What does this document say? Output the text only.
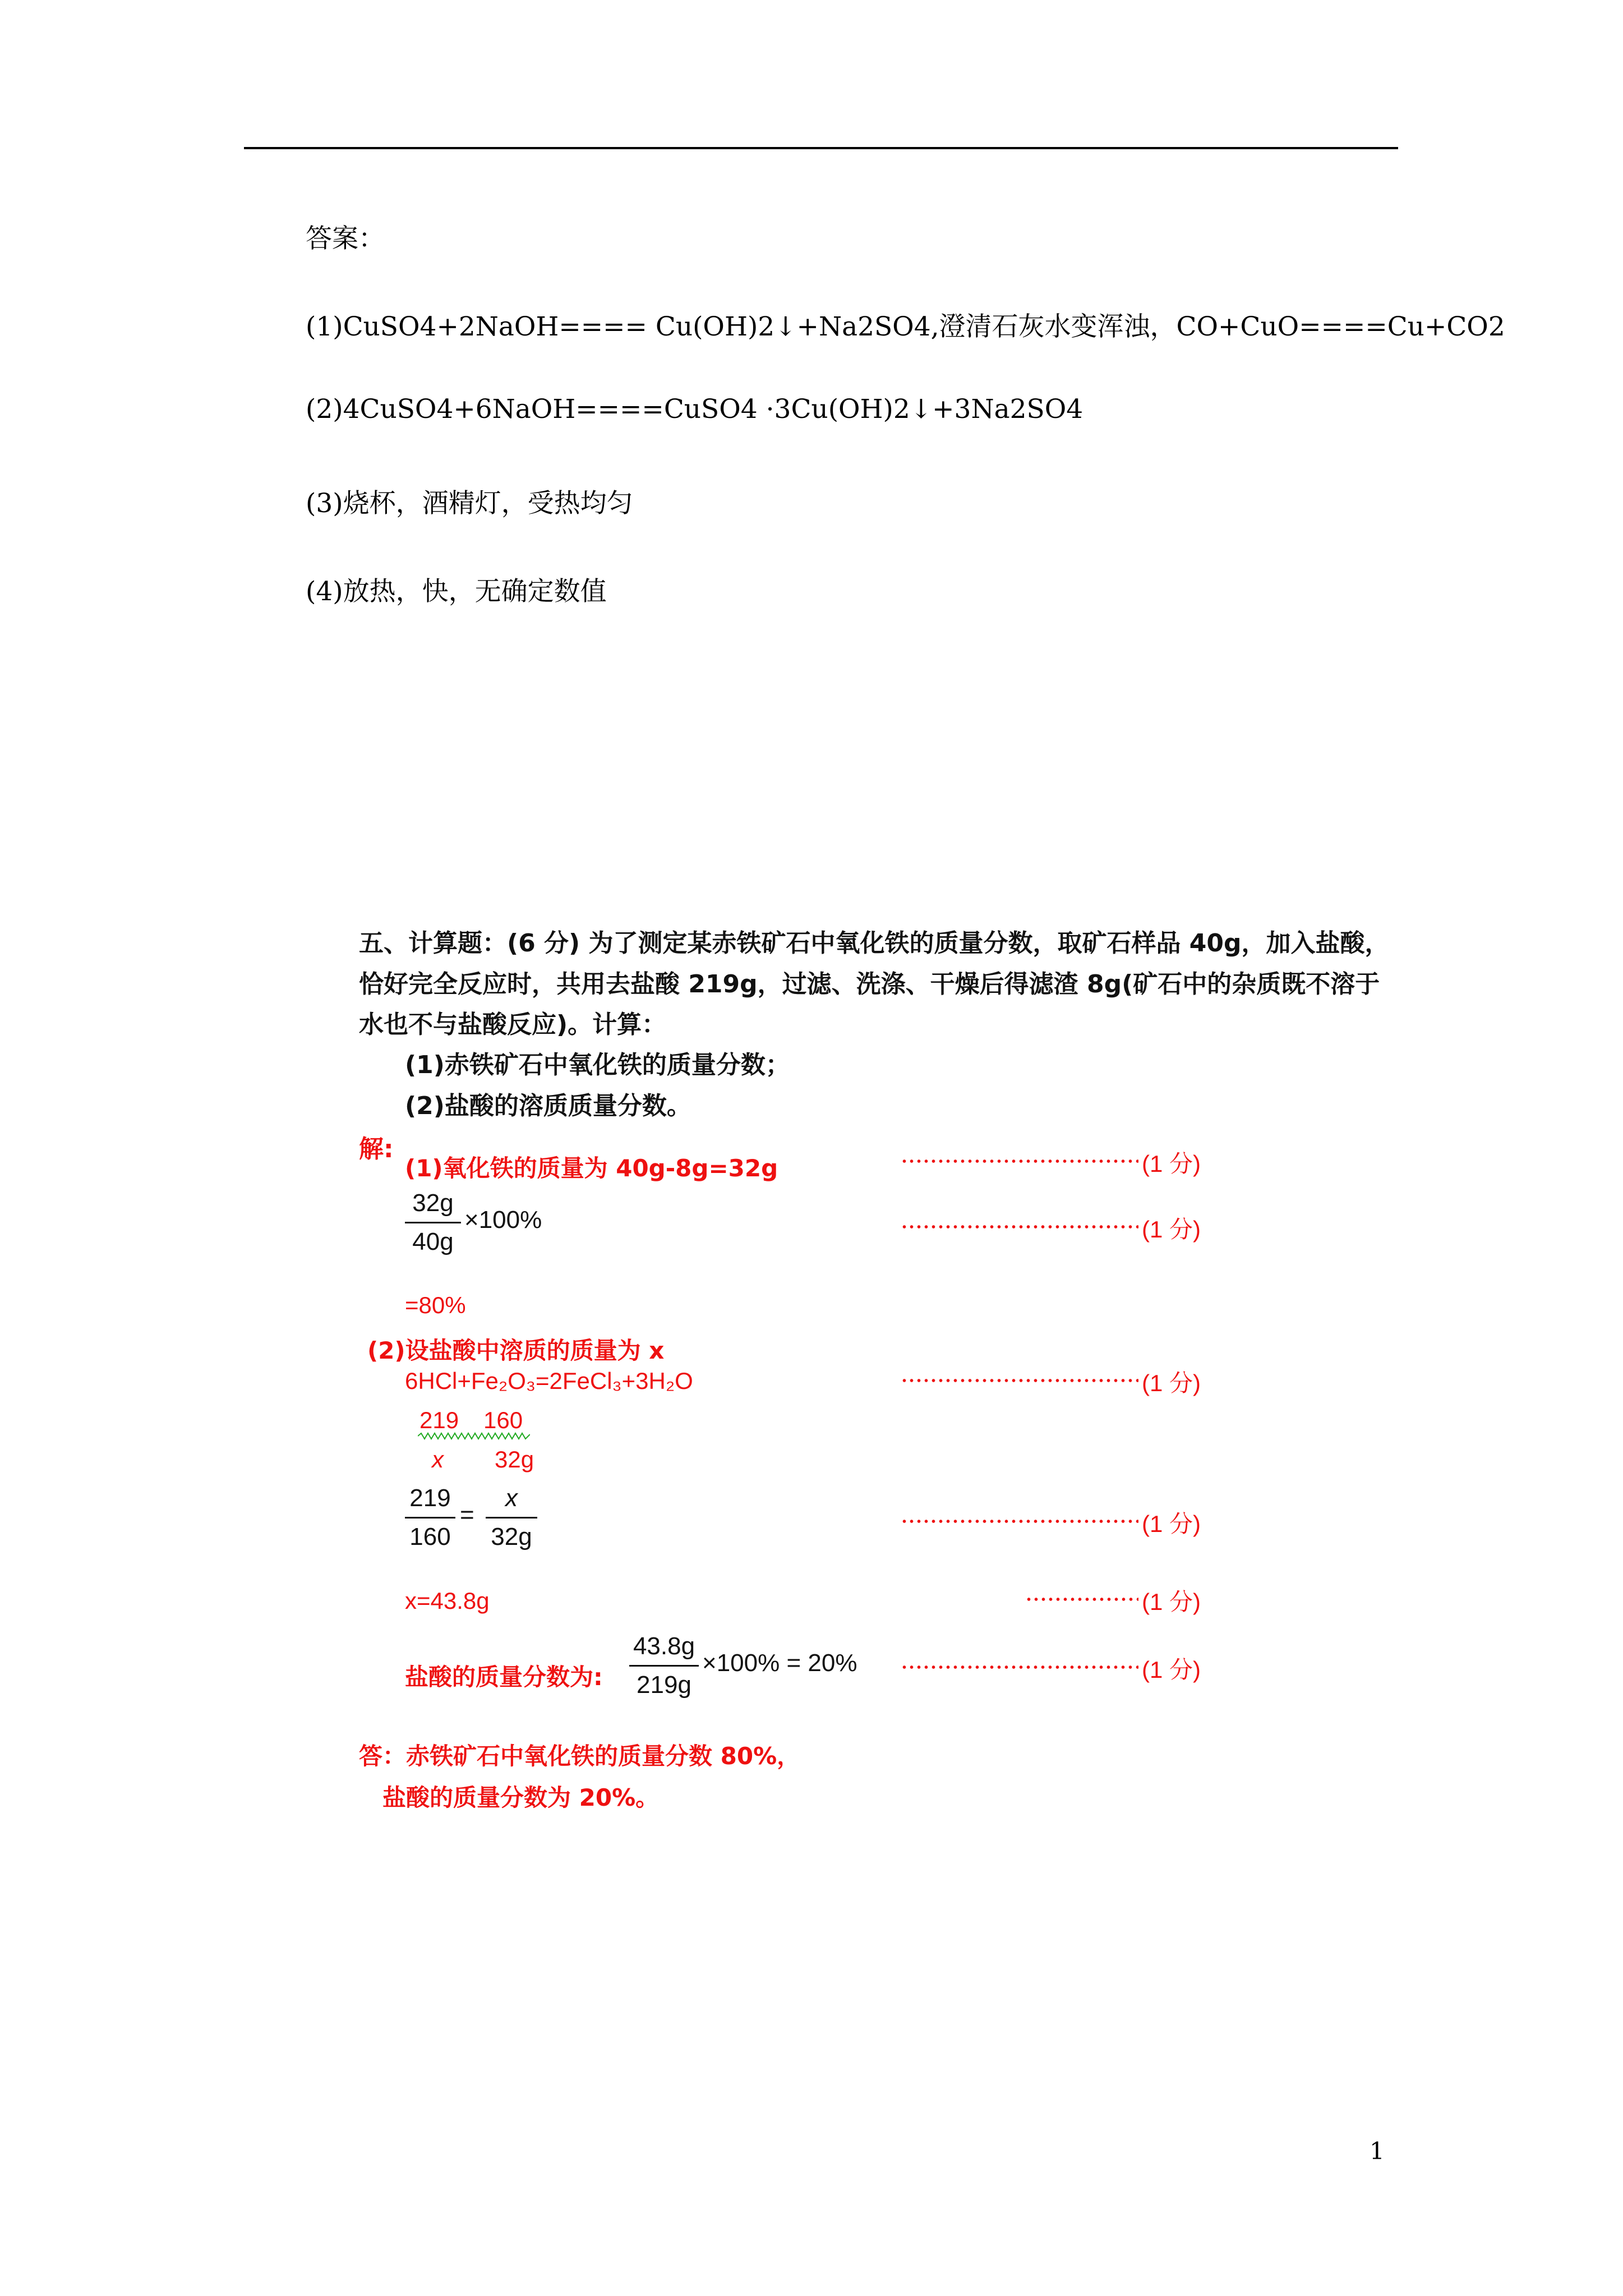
答案：
(1)CuSO4+2NaOH==== Cu(OH)2↓+Na2SO4,澄清石灰水变浑浊，CO+CuO====Cu+CO2
(2)4CuSO4+6NaOH====CuSO4 ·3Cu(OH)2↓+3Na2SO4
(3)烧杯，酒精灯，受热均匀
(4)放热，快，无确定数值
五、计算题：(6 分) 为了测定某赤铁矿石中氧化铁的质量分数，取矿石样品 40g，加入盐酸，
恰好完全反应时，共用去盐酸 219g，过滤、洗涤、干燥后得滤渣 8g(矿石中的杂质既不溶于
水也不与盐酸反应)。计算：
(1)赤铁矿石中氧化铁的质量分数；
(2)盐酸的溶质质量分数。
解:
(1)氧化铁的质量为 40g-8g=32g
32g
40g
×100%
=80%
(2)设盐酸中溶质的质量为 x
6HCl+Fe₂O₃=2FeCl₃+3H₂O
219 160
x 32g
219
160
=
x
32g
x=43.8g
盐酸的质量分数为:
43.8g
219g
×100% = 20%
(1 分)
(1 分)
(1 分)
(1 分)
(1 分)
(1 分)
答：赤铁矿石中氧化铁的质量分数 80%，
盐酸的质量分数为 20%。
1
